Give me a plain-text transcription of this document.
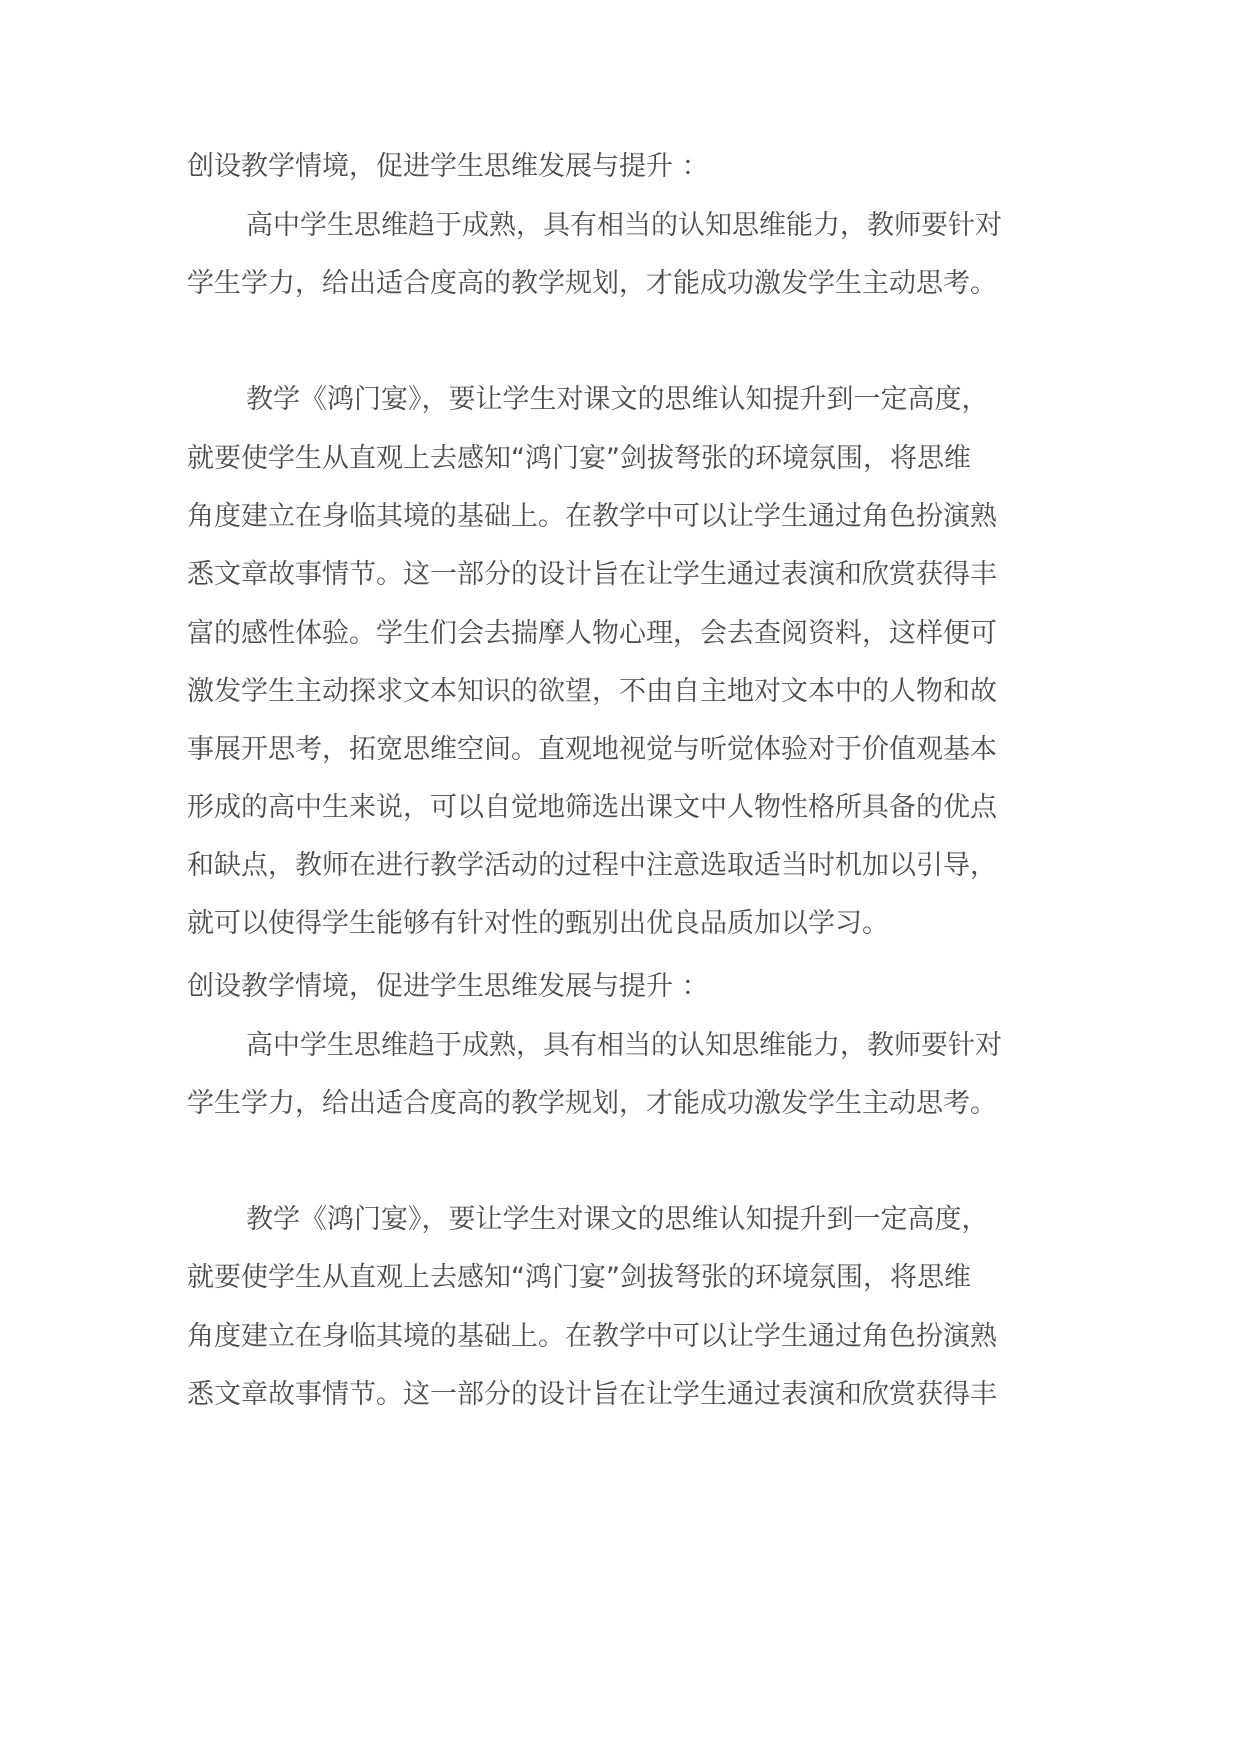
创设教学情境，促进学生思维发展与提升 ：
高中学生思维趋于成熟，具有相当的认知思维能力，教师要针对
学生学力，给出适合度高的教学规划，才能成功激发学生主动思考。
教学《鸿门宴》，要让学生对课文的思维认知提升到一定高度，
就要使学生从直观上去感知“鸿门宴”剑拔弩张的环境氛围，将思维
角度建立在身临其境的基础上。在教学中可以让学生通过角色扮演熟
悉文章故事情节。这一部分的设计旨在让学生通过表演和欣赏获得丰
富的感性体验。学生们会去揣摩人物心理，会去查阅资料，这样便可
激发学生主动探求文本知识的欲望，不由自主地对文本中的人物和故
事展开思考，拓宽思维空间。直观地视觉与听觉体验对于价值观基本
形成的高中生来说，可以自觉地筛选出课文中人物性格所具备的优点
和缺点，教师在进行教学活动的过程中注意选取适当时机加以引导，
就可以使得学生能够有针对性的甄别出优良品质加以学习。
创设教学情境，促进学生思维发展与提升 ：
高中学生思维趋于成熟，具有相当的认知思维能力，教师要针对
学生学力，给出适合度高的教学规划，才能成功激发学生主动思考。
教学《鸿门宴》，要让学生对课文的思维认知提升到一定高度，
就要使学生从直观上去感知“鸿门宴”剑拔弩张的环境氛围，将思维
角度建立在身临其境的基础上。在教学中可以让学生通过角色扮演熟
悉文章故事情节。这一部分的设计旨在让学生通过表演和欣赏获得丰
